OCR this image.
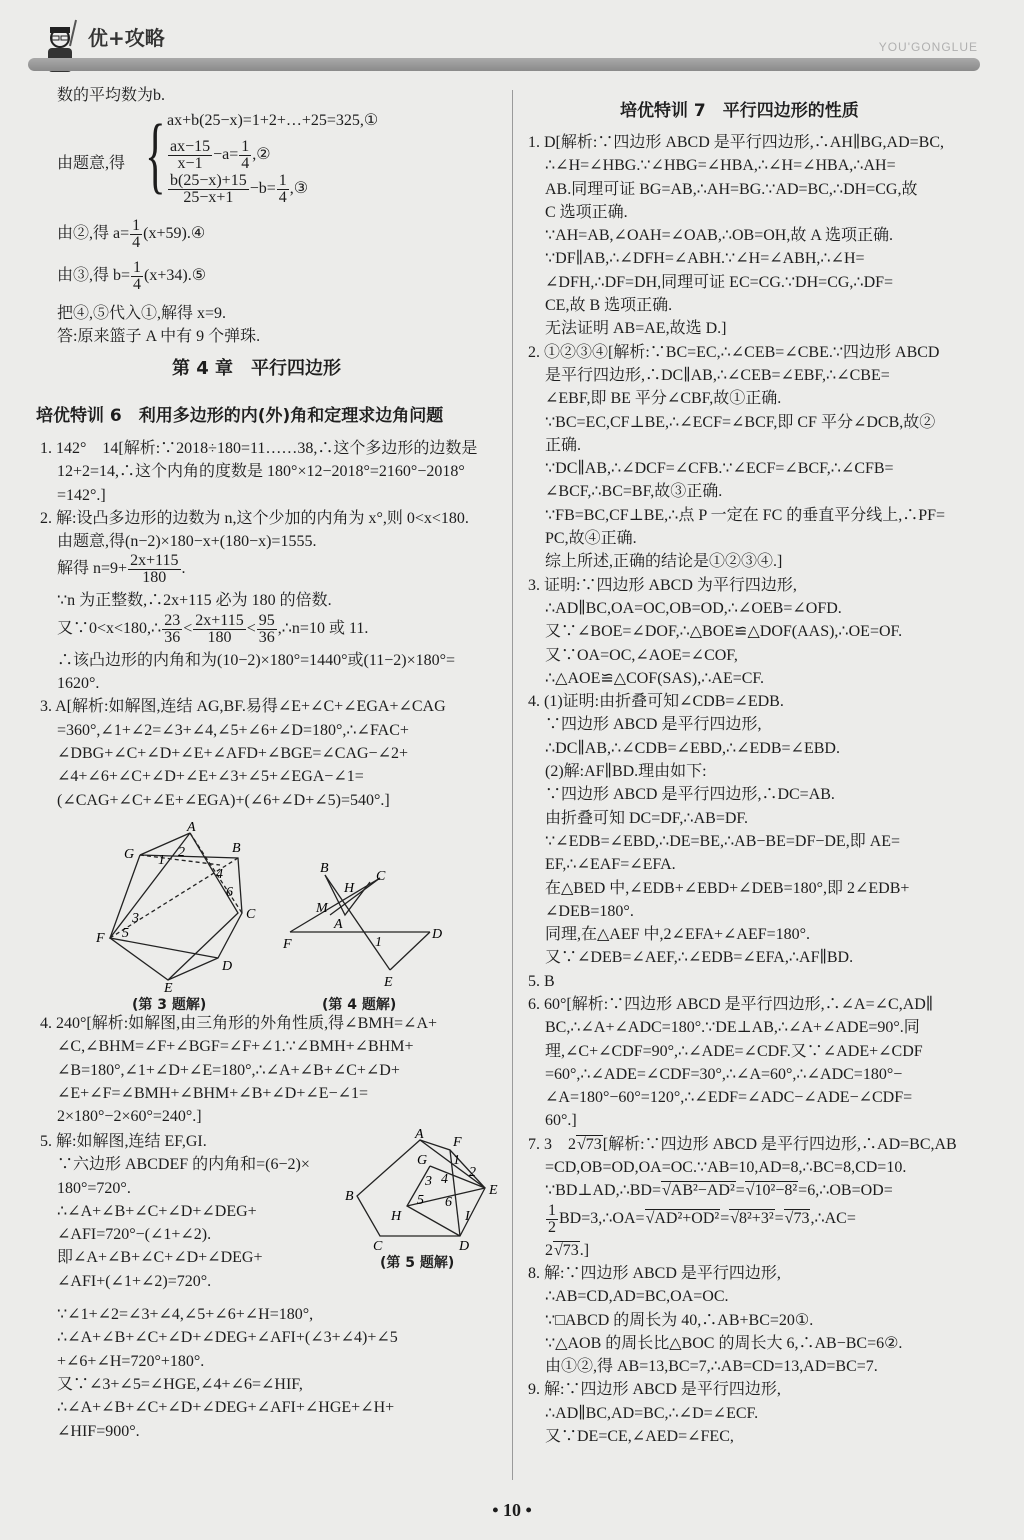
优+攻略	YOU'GONGLUE
数的平均数为b.
由题意,得 { ax+b(25−x)=1+2+…+25=325,①
$\frac{ax-15}{x-1} -a= \frac{1}{4}$ ,②
$\frac{b(25-x)+15}{25-x+1} -b= \frac{1}{4}$ ,③
由②,得 $a= \frac{1}{4}$ (x+59).④
由③,得 $b= \frac{1}{4}$ (x+34).⑤
把④,⑤代入①,解得 x=9.
答:原来篮子 A 中有 9 个弹珠.
第 4 章　平行四边形
培优特训 6　利用多边形的内(外)角和定理求边角问题
1. 142°　14[解析:∵2018÷180=11……38,∴这个多边形的边数是
12+2=14,∴这个内角的度数是 180°×12−2018°=2160°−2018°
=142°.]
2. 解:设凸多边形的边数为 n,这个少加的内角为 x°,则 0<x<180.
由题意,得(n−2)×180−x+(180−x)=1555.
解得 $n=9+ \frac{2x+115}{180}$ .
∵n 为正整数,∴2x+115 必为 180 的倍数.
又∵0<x<180,∴ $\frac{23}{36} < \frac{2x+115}{180} < \frac{95}{36}$ ,∴n=10 或 11.
∴该凸边形的内角和为(10−2)×180°=1440°或(11−2)×180°=
1620°.
3. A[解析:如解图,连结 AG,BF.易得∠E+∠C+∠EGA+∠CAG
=360°,∠1+∠2=∠3+∠4,∠5+∠6+∠D=180°,∴∠FAC+
∠DBG+∠C+∠D+∠E+∠AFD+∠BGE=∠CAG−∠2+
∠4+∠6+∠C+∠D+∠E+∠3+∠5+∠EGA−∠1=
(∠CAG+∠C+∠E+∠EGA)+(∠6+∠D+∠5)=540°.]
A
B
C
D
E
F
G 1
2
3
4
5
6
B
H
C
M
A
F	1
D
E
(第 3 题解)	(第 4 题解)
4. 240°[解析:如解图,由三角形的外角性质,得∠BMH=∠A+
∠C,∠BHM=∠F+∠BGF=∠F+∠1.∵∠BMH+∠BHM+
∠B=180°,∠1+∠D+∠E=180°,∴∠A+∠B+∠C+∠D+
∠E+∠F=∠BMH+∠BHM+∠B+∠D+∠E−∠1=
2×180°−2×60°=240°.]
5. 解:如解图,连结 EF,GI.
∵六边形 ABCDEF 的内角和=(6−2)×
180°=720°.
∴∠A+∠B+∠C+∠D+∠DEG+
∠AFI=720°−(∠1+∠2).
即∠A+∠B+∠C+∠D+∠DEG+
∠AFI+(∠1+∠2)=720°.
∵∠1+∠2=∠3+∠4,∠5+∠6+∠H=180°,
∴∠A+∠B+∠C+∠D+∠DEG+∠AFI+(∠3+∠4)+∠5
+∠6+∠H=720°+180°.
又∵∠3+∠5=∠HGE,∠4+∠6=∠HIF,
∴∠A+∠B+∠C+∠D+∠DEG+∠AFI+∠HGE+∠H+
∠HIF=900°.
A
F
G 1
2
3 4
5 6
B	E
H	I
C	D
(第 5 题解)
培优特训 7　平行四边形的性质
1. D[解析:∵四边形 ABCD 是平行四边形,∴AH∥BG,AD=BC,
∴∠H=∠HBG.∵∠HBG=∠HBA,∴∠H=∠HBA,∴AH=
AB.同理可证 BG=AB,∴AH=BG.∵AD=BC,∴DH=CG,故
C 选项正确.
∵AH=AB,∠OAH=∠OAB,∴OB=OH,故 A 选项正确.
∵DF∥AB,∴∠DFH=∠ABH.∵∠H=∠ABH,∴∠H=
∠DFH,∴DF=DH,同理可证 EC=CG.∵DH=CG,∴DF=
CE,故 B 选项正确.
无法证明 AB=AE,故选 D.]
2. ①②③④[解析:∵BC=EC,∴∠CEB=∠CBE.∵四边形 ABCD
是平行四边形,∴DC∥AB,∴∠CEB=∠EBF,∴∠CBE=
∠EBF,即 BE 平分∠CBF,故①正确.
∵BC=EC,CF⊥BE,∴∠ECF=∠BCF,即 CF 平分∠DCB,故②
正确.
∵DC∥AB,∴∠DCF=∠CFB.∵∠ECF=∠BCF,∴∠CFB=
∠BCF,∴BC=BF,故③正确.
∵FB=BC,CF⊥BE,∴点 P 一定在 FC 的垂直平分线上,∴PF=
PC,故④正确.
综上所述,正确的结论是①②③④.]
3. 证明:∵四边形 ABCD 为平行四边形,
∴AD∥BC,OA=OC,OB=OD,∴∠OEB=∠OFD.
又∵∠BOE=∠DOF,∴△BOE≌△DOF(AAS),∴OE=OF.
又∵OA=OC,∠AOE=∠COF,
∴△AOE≌△COF(SAS),∴AE=CF.
4. (1)证明:由折叠可知∠CDB=∠EDB.
∵四边形 ABCD 是平行四边形,
∴DC∥AB,∴∠CDB=∠EBD,∴∠EDB=∠EBD.
(2)解:AF∥BD.理由如下:
∵四边形 ABCD 是平行四边形,∴DC=AB.
由折叠可知 DC=DF,∴AB=DF.
∵∠EDB=∠EBD,∴DE=BE,∴AB−BE=DF−DE,即 AE=
EF,∴∠EAF=∠EFA.
在△BED 中,∠EDB+∠EBD+∠DEB=180°,即 2∠EDB+
∠DEB=180°.
同理,在△AEF 中,2∠EFA+∠AEF=180°.
又∵∠DEB=∠AEF,∴∠EDB=∠EFA,∴AF∥BD.
5. B
6. 60°[解析:∵四边形 ABCD 是平行四边形,∴∠A=∠C,AD∥
BC,∴∠A+∠ADC=180°.∵DE⊥AB,∴∠A+∠ADE=90°.同
理,∠C+∠CDF=90°,∴∠ADE=∠CDF.又∵∠ADE+∠CDF
=60°,∴∠ADE=∠CDF=30°,∴∠A=60°,∴∠ADC=180°−
∠A=180°−60°=120°,∴∠EDF=∠ADC−∠ADE−∠CDF=
60°.]
7. 3　2 √ 73[解析:∵四边形 ABCD 是平行四边形,∴AD=BC,AB
=CD,OB=OD,OA=OC.∵AB=10,AD=8,∴BC=8,CD=10.
∵BD⊥AD,∴BD= √ AB²−AD²= √ 10²−8²=6,∴OB=OD=
$\frac{1}{2}$ BD=3,∴OA= √ AD²+OD²= √ 8²+3²= √ 73,∴AC=
2 √ 73.]
8. 解:∵四边形 ABCD 是平行四边形,
∴AB=CD,AD=BC,OA=OC.
∵□ABCD 的周长为 40,∴AB+BC=20①.
∵△AOB 的周长比△BOC 的周长大 6,∴AB−BC=6②.
由①②,得 AB=13,BC=7,∴AB=CD=13,AD=BC=7.
9. 解:∵四边形 ABCD 是平行四边形,
∴AD∥BC,AD=BC,∴∠D=∠ECF.
又∵DE=CE,∠AED=∠FEC,
• 10 •
